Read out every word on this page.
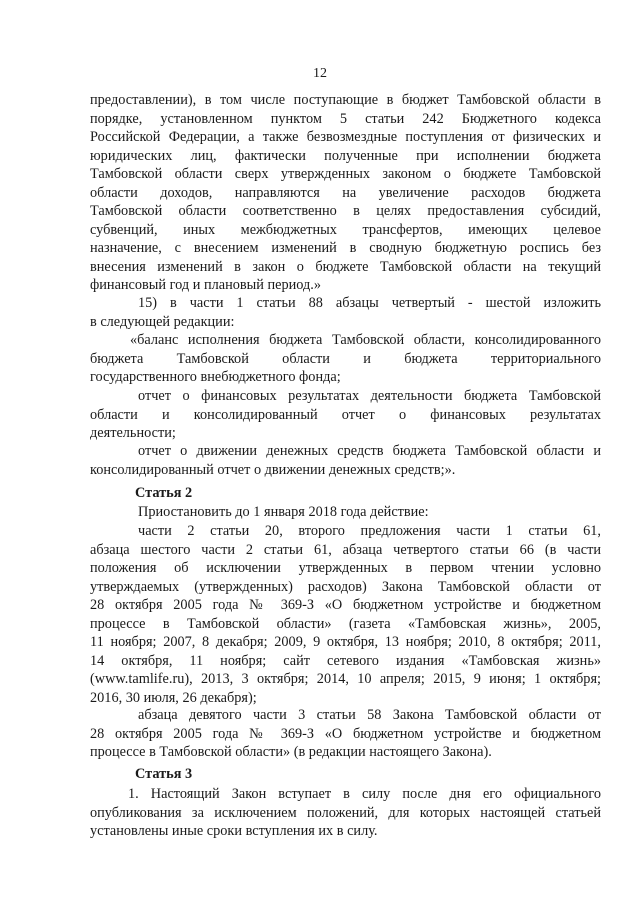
12

предоставлении), в том числе поступающие в бюджет Тамбовской области в

порядке, установленном пунктом 5 статьи 242 Бюджетного кодекса

Российской Федерации, а также безвозмездные поступления от физических и

юридических лиц, фактически полученные при исполнении бюджета

Тамбовской области сверх утвержденных законом о бюджете Тамбовской

области доходов, направляются на увеличение расходов бюджета

Тамбовской области соответственно в целях предоставления субсидий,

субвенций, иных межбюджетных трансфертов, имеющих целевое

назначение, с внесением изменений в сводную бюджетную роспись без

внесения изменений в закон о бюджете Тамбовской области на текущий

финансовый год и плановый период.»

15) в части 1 статьи 88 абзацы четвертый - шестой изложить

в следующей редакции:

«баланс исполнения бюджета Тамбовской области, консолидированного

бюджета Тамбовской области и бюджета территориального

государственного внебюджетного фонда;

отчет о финансовых результатах деятельности бюджета Тамбовской

области и консолидированный отчет о финансовых результатах

деятельности;

отчет о движении денежных средств бюджета Тамбовской области и

консолидированный отчет о движении денежных средств;».

Статья 2

Приостановить до 1 января 2018 года действие:

части 2 статьи 20, второго предложения части 1 статьи 61,

абзаца шестого части 2 статьи 61, абзаца четвертого статьи 66 (в части

положения об исключении утвержденных в первом чтении условно

утверждаемых (утвержденных) расходов) Закона Тамбовской области от

28 октября 2005 года № 369-З «О бюджетном устройстве и бюджетном

процессе в Тамбовской области» (газета «Тамбовская жизнь», 2005,

11 ноября; 2007, 8 декабря; 2009, 9 октября, 13 ноября; 2010, 8 октября; 2011,

14 октября, 11 ноября; сайт сетевого издания «Тамбовская жизнь»

(www.tamlife.ru), 2013, 3 октября; 2014, 10 апреля; 2015, 9 июня; 1 октября;

2016, 30 июля, 26 декабря);

абзаца девятого части 3 статьи 58 Закона Тамбовской области от

28 октября 2005 года № 369-З «О бюджетном устройстве и бюджетном

процессе в Тамбовской области» (в редакции настоящего Закона).

Статья 3

1. Настоящий Закон вступает в силу после дня его официального

опубликования за исключением положений, для которых настоящей статьей

установлены иные сроки вступления их в силу.
